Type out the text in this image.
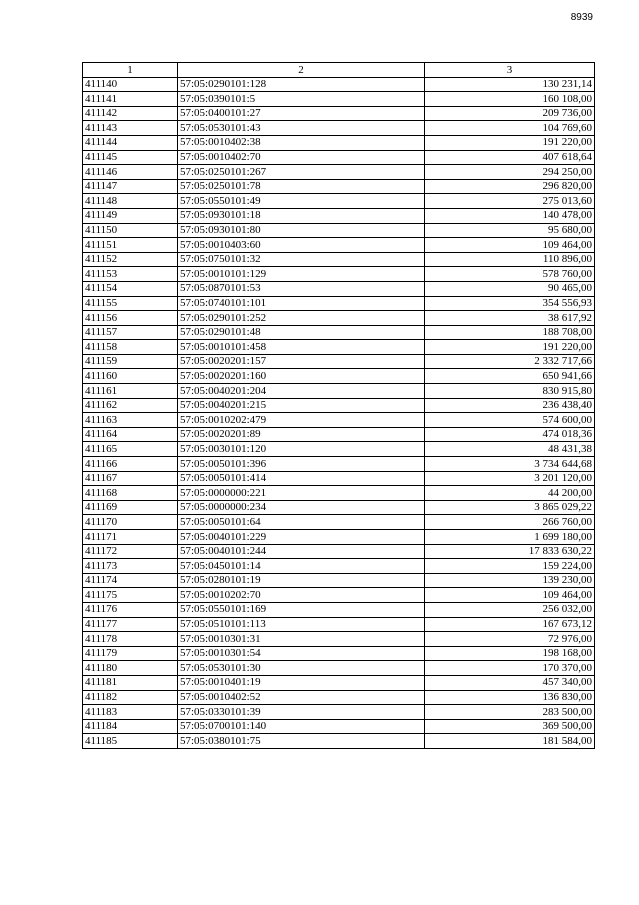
8939
1	2	3
411140	57:05:0290101:128	130 231,14
411141	57:05:0390101:5	160 108,00
411142	57:05:0400101:27	209 736,00
411143	57:05:0530101:43	104 769,60
411144	57:05:0010402:38	191 220,00
411145	57:05:0010402:70	407 618,64
411146	57:05:0250101:267	294 250,00
411147	57:05:0250101:78	296 820,00
411148	57:05:0550101:49	275 013,60
411149	57:05:0930101:18	140 478,00
411150	57:05:0930101:80	95 680,00
411151	57:05:0010403:60	109 464,00
411152	57:05:0750101:32	110 896,00
411153	57:05:0010101:129	578 760,00
411154	57:05:0870101:53	90 465,00
411155	57:05:0740101:101	354 556,93
411156	57:05:0290101:252	38 617,92
411157	57:05:0290101:48	188 708,00
411158	57:05:0010101:458	191 220,00
411159	57:05:0020201:157	2 332 717,66
411160	57:05:0020201:160	650 941,66
411161	57:05:0040201:204	830 915,80
411162	57:05:0040201:215	236 438,40
411163	57:05:0010202:479	574 600,00
411164	57:05:0020201:89	474 018,36
411165	57:05:0030101:120	48 431,38
411166	57:05:0050101:396	3 734 644,68
411167	57:05:0050101:414	3 201 120,00
411168	57:05:0000000:221	44 200,00
411169	57:05:0000000:234	3 865 029,22
411170	57:05:0050101:64	266 760,00
411171	57:05:0040101:229	1 699 180,00
411172	57:05:0040101:244	17 833 630,22
411173	57:05:0450101:14	159 224,00
411174	57:05:0280101:19	139 230,00
411175	57:05:0010202:70	109 464,00
411176	57:05:0550101:169	256 032,00
411177	57:05:0510101:113	167 673,12
411178	57:05:0010301:31	72 976,00
411179	57:05:0010301:54	198 168,00
411180	57:05:0530101:30	170 370,00
411181	57:05:0010401:19	457 340,00
411182	57:05:0010402:52	136 830,00
411183	57:05:0330101:39	283 500,00
411184	57:05:0700101:140	369 500,00
411185	57:05:0380101:75	181 584,00
